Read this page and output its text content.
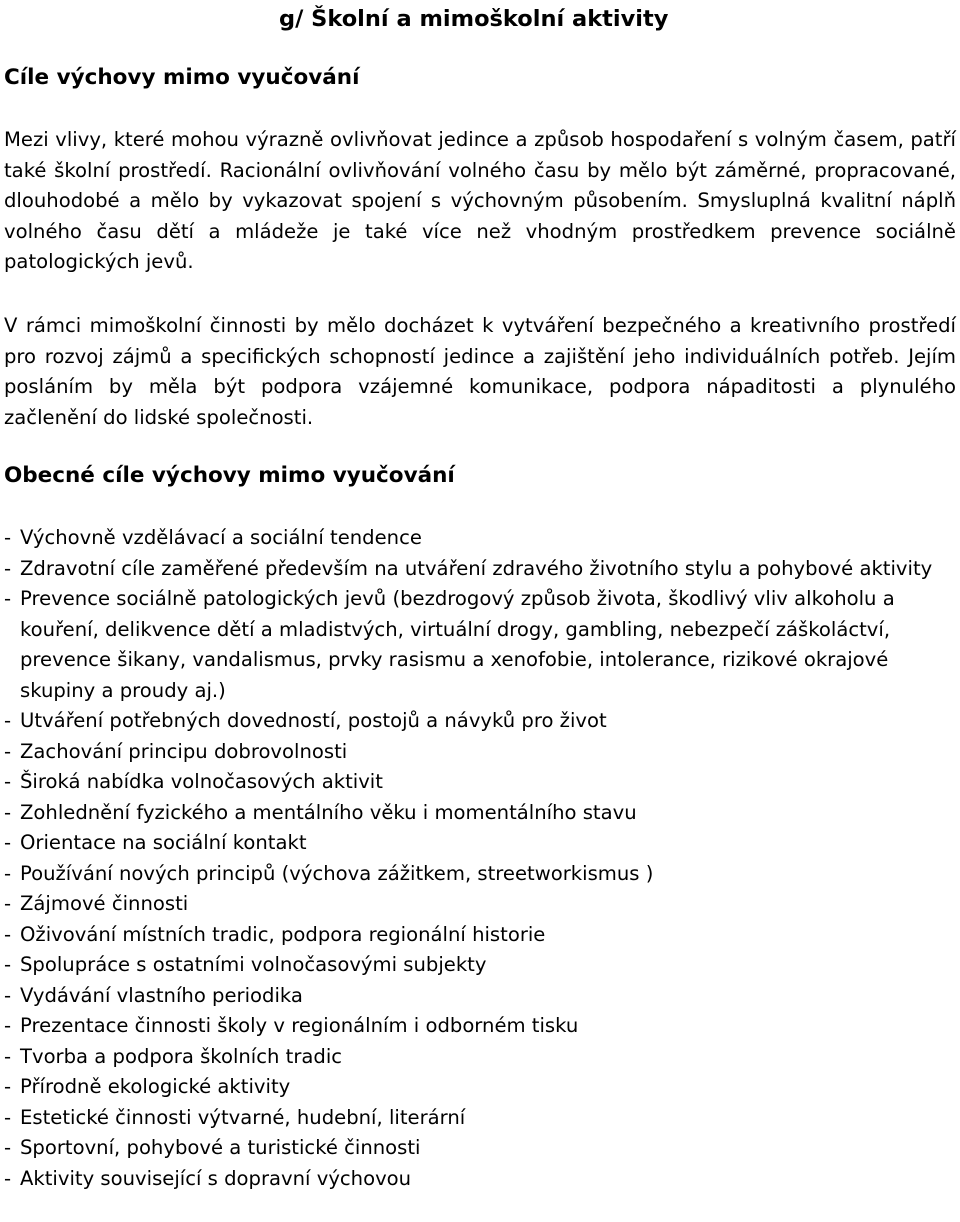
g/ Školní a mimoškolní aktivity
Cíle výchovy mimo vyučování

Mezi vlivy, které mohou výrazně ovlivňovat jedince a způsob hospodaření s volným časem, patří také školní prostředí. Racionální ovlivňování volného času by mělo být záměrné, propracované, dlouhodobé a mělo by vykazovat spojení s výchovným působením. Smysluplná kvalitní náplň volného času dětí a mládeže je také více než vhodným prostředkem prevence sociálně patologických jevů.

V rámci mimoškolní činnosti by mělo docházet k vytváření bezpečného a kreativního prostředí pro rozvoj zájmů a specifických schopností jedince a zajištění jeho individuálních potřeb. Jejím posláním by měla být podpora vzájemné komunikace, podpora nápaditosti a plynulého začlenění do lidské společnosti.

Obecné cíle výchovy mimo vyučování
- Výchovně vzdělávací a sociální tendence
- Zdravotní cíle zaměřené především na utváření zdravého životního stylu a pohybové aktivity
- Prevence sociálně patologických jevů (bezdrogový způsob života, škodlivý vliv alkoholu a kouření, delikvence dětí a mladistvých, virtuální drogy, gambling, nebezpečí záškoláctví, prevence šikany, vandalismus, prvky rasismu a xenofobie, intolerance, rizikové okrajové skupiny a proudy aj.)
- Utváření potřebných dovedností, postojů a návyků pro život
- Zachování principu dobrovolnosti
- Široká nabídka volnočasových aktivit
- Zohlednění fyzického a mentálního věku i momentálního stavu
- Orientace na sociální kontakt
- Používání nových principů (výchova zážitkem, streetworkismus )
- Zájmové činnosti
- Oživování místních tradic, podpora regionální historie
- Spolupráce s ostatními volnočasovými subjekty
- Vydávání vlastního periodika
- Prezentace činnosti školy v regionálním i odborném tisku
- Tvorba a podpora školních tradic
- Přírodně ekologické aktivity
- Estetické činnosti výtvarné, hudební, literární
- Sportovní, pohybové a turistické činnosti
- Aktivity související s dopravní výchovou
